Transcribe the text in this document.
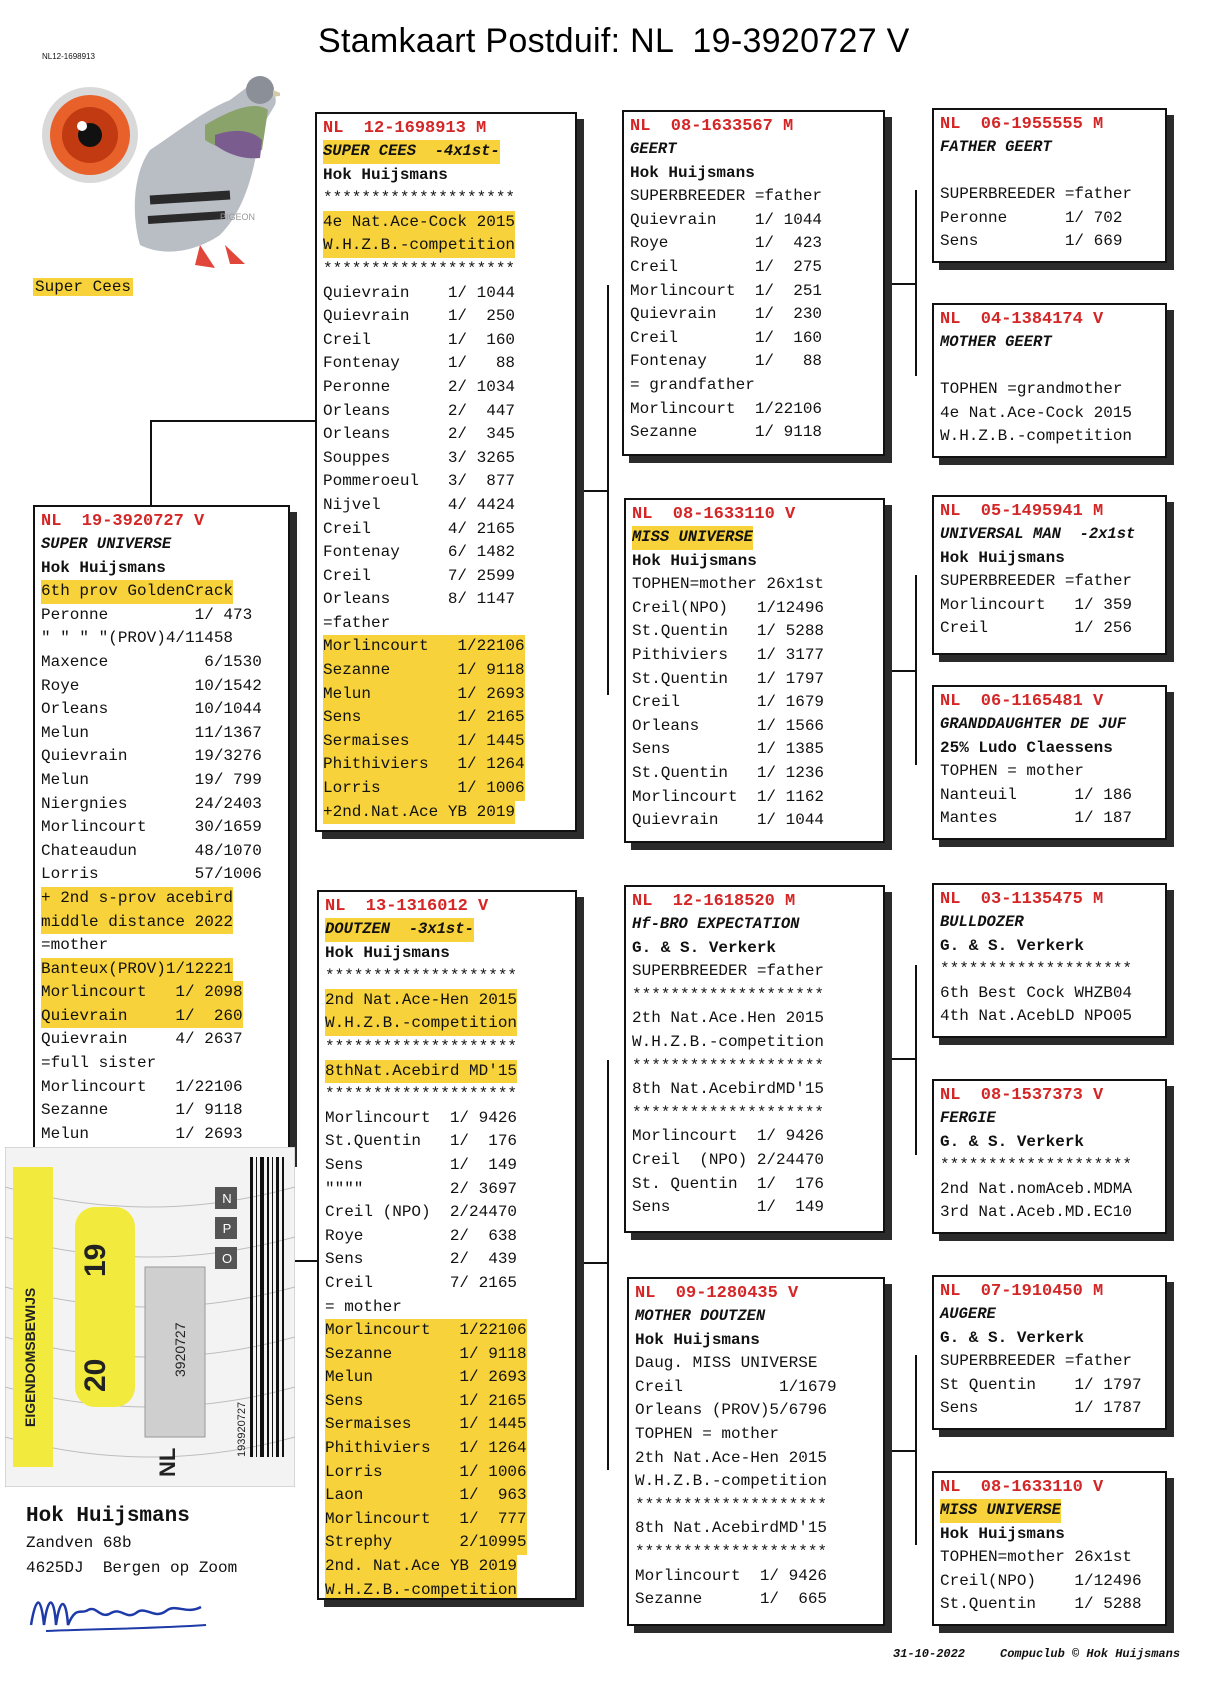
Stamkaart Postduif: NL  19-3920727 V
NL12-1698913
PIGEON
Super Cees
NL  19-3920727 V
SUPER UNIVERSE
Hok Huijsmans
6th prov GoldenCrack
Peronne         1/ 473
" " " "(PROV)4/11458
Maxence          6/1530
Roye            10/1542
Orleans         10/1044
Melun           11/1367
Quievrain       19/3276
Melun           19/ 799
Niergnies       24/2403
Morlincourt     30/1659
Chateaudun      48/1070
Lorris          57/1006
+ 2nd s-prov acebird
middle distance 2022
=mother
Banteux(PROV)1/12221
Morlincourt   1/ 2098
Quievrain     1/  260
Quievrain     4/ 2637
=full sister
Morlincourt   1/22106
Sezanne       1/ 9118
Melun         1/ 2693
NL  12-1698913 M
SUPER CEES  -4x1st-
Hok Huijsmans
********************
4e Nat.Ace-Cock 2015
W.H.Z.B.-competition
********************
Quievrain    1/ 1044
Quievrain    1/  250
Creil        1/  160
Fontenay     1/   88
Peronne      2/ 1034
Orleans      2/  447
Orleans      2/  345
Souppes      3/ 3265
Pommeroeul   3/  877
Nijvel       4/ 4424
Creil        4/ 2165
Fontenay     6/ 1482
Creil        7/ 2599
Orleans      8/ 1147
=father
Morlincourt   1/22106
Sezanne       1/ 9118
Melun         1/ 2693
Sens          1/ 2165
Sermaises     1/ 1445
Phithiviers   1/ 1264
Lorris        1/ 1006
+2nd.Nat.Ace YB 2019
NL  13-1316012 V
DOUTZEN  -3x1st-
Hok Huijsmans
********************
2nd Nat.Ace-Hen 2015
W.H.Z.B.-competition
********************
8thNat.Acebird MD'15
********************
Morlincourt  1/ 9426
St.Quentin   1/  176
Sens         1/  149
""""         2/ 3697
Creil (NPO)  2/24470
Roye         2/  638
Sens         2/  439
Creil        7/ 2165
= mother
Morlincourt   1/22106
Sezanne       1/ 9118
Melun         1/ 2693
Sens          1/ 2165
Sermaises     1/ 1445
Phithiviers   1/ 1264
Lorris        1/ 1006
Laon          1/  963
Morlincourt   1/  777
Strephy       2/10995
2nd. Nat.Ace YB 2019
W.H.Z.B.-competition
NL  08-1633567 M
GEERT
Hok Huijsmans
SUPERBREEDER =father
Quievrain    1/ 1044
Roye         1/  423
Creil        1/  275
Morlincourt  1/  251
Quievrain    1/  230
Creil        1/  160
Fontenay     1/   88
= grandfather
Morlincourt  1/22106
Sezanne      1/ 9118
NL  08-1633110 V
MISS UNIVERSE
Hok Huijsmans
TOPHEN=mother 26x1st
Creil(NPO)   1/12496
St.Quentin   1/ 5288
Pithiviers   1/ 3177
St.Quentin   1/ 1797
Creil        1/ 1679
Orleans      1/ 1566
Sens         1/ 1385
St.Quentin   1/ 1236
Morlincourt  1/ 1162
Quievrain    1/ 1044
NL  12-1618520 M
Hf-BRO EXPECTATION
G. & S. Verkerk
SUPERBREEDER =father
********************
2th Nat.Ace.Hen 2015
W.H.Z.B.-competition
********************
8th Nat.AcebirdMD'15
********************
Morlincourt  1/ 9426
Creil  (NPO) 2/24470
St. Quentin  1/  176
Sens         1/  149
NL  09-1280435 V
MOTHER DOUTZEN
Hok Huijsmans
Daug. MISS UNIVERSE
Creil          1/1679
Orleans (PROV)5/6796
TOPHEN = mother
2th Nat.Ace-Hen 2015
W.H.Z.B.-competition
********************
8th Nat.AcebirdMD'15
********************
Morlincourt  1/ 9426
Sezanne      1/  665
NL  06-1955555 M
FATHER GEERT

SUPERBREEDER =father
Peronne      1/ 702
Sens         1/ 669
NL  04-1384174 V
MOTHER GEERT

TOPHEN =grandmother
4e Nat.Ace-Cock 2015
W.H.Z.B.-competition
NL  05-1495941 M
UNIVERSAL MAN  -2x1st
Hok Huijsmans
SUPERBREEDER =father
Morlincourt   1/ 359
Creil         1/ 256
NL  06-1165481 V
GRANDDAUGHTER DE JUF
25% Ludo Claessens
TOPHEN = mother
Nanteuil      1/ 186
Mantes        1/ 187
NL  03-1135475 M
BULLDOZER
G. & S. Verkerk
********************
6th Best Cock WHZB04
4th Nat.AcebLD NPO05
NL  08-1537373 V
FERGIE
G. & S. Verkerk
********************
2nd Nat.nomAceb.MDMA
3rd Nat.Aceb.MD.EC10
NL  07-1910450 M
AUGERE
G. & S. Verkerk
SUPERBREEDER =father
St Quentin    1/ 1797
Sens          1/ 1787
NL  08-1633110 V
MISS UNIVERSE
Hok Huijsmans
TOPHEN=mother 26x1st
Creil(NPO)    1/12496
St.Quentin    1/ 5288
N
P
O
20
19
3920727
193920727
EIGENDOMSBEWIJS
NL
Hok Huijsmans
Zandven 68b
4625DJ  Bergen op Zoom
31-10-2022	Compuclub © Hok Huijsmans
